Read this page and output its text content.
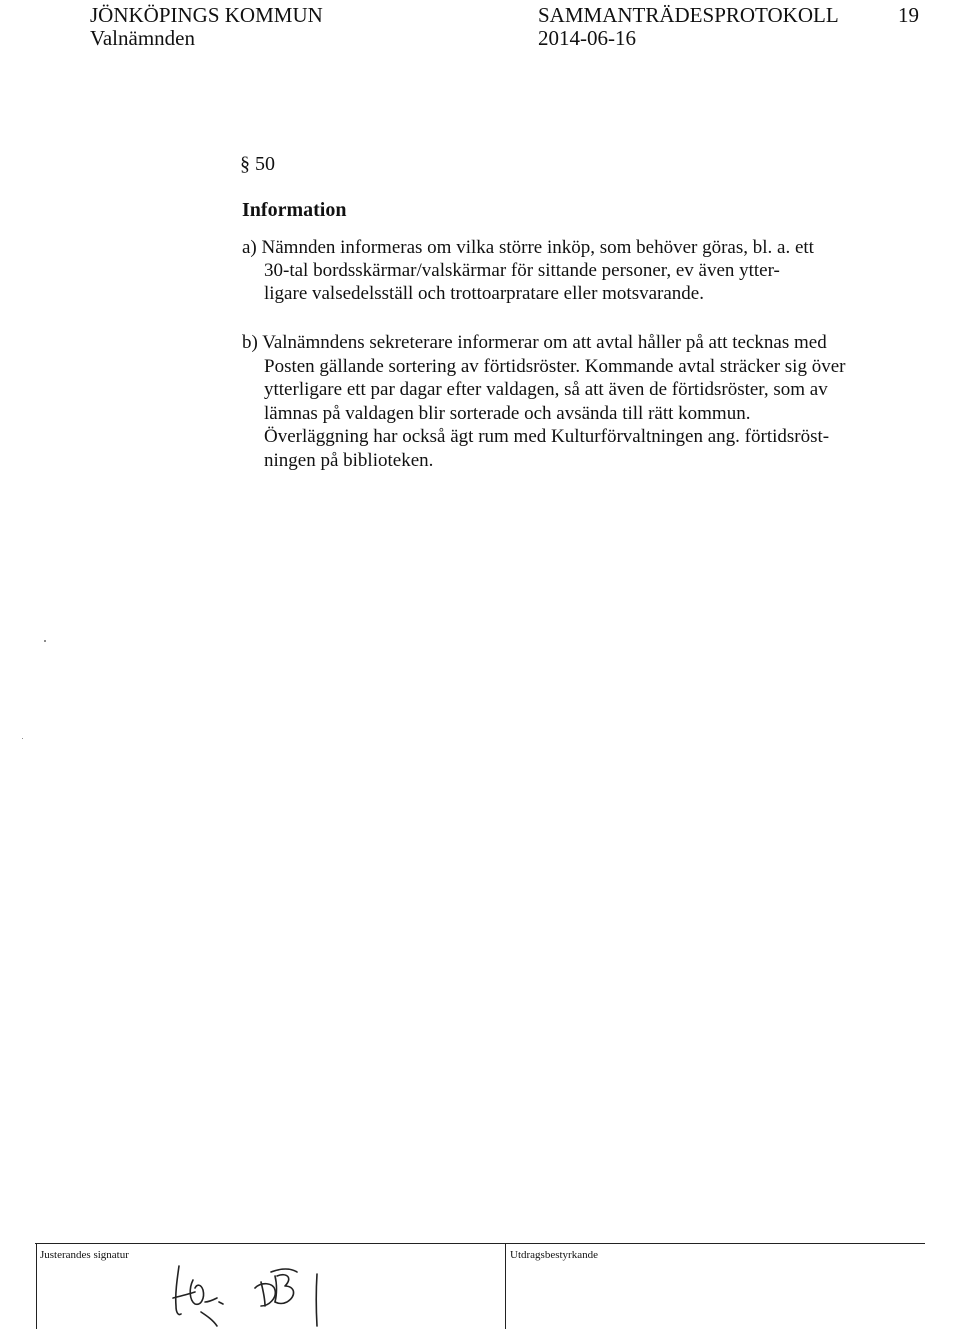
JÖNKÖPINGS KOMMUN
Valnämnden
SAMMANTRÄDESPROTOKOLL
2014-06-16
19
§ 50
Information
a) Nämnden informeras om vilka större inköp, som behöver göras, bl. a. ett
30-tal bordsskärmar/valskärmar för sittande personer, ev även ytter-
ligare valsedelsställ och trottoarpratare eller motsvarande.
b) Valnämndens sekreterare informerar om att avtal håller på att tecknas med
Posten gällande sortering av förtidsröster. Kommande avtal sträcker sig över
ytterligare ett par dagar efter valdagen, så att även de förtidsröster, som av
lämnas på valdagen blir sorterade och avsända till rätt kommun.
Överläggning har också ägt rum med Kulturförvaltningen ang. förtidsröst-
ningen på biblioteken.
Justerandes signatur	Utdragsbestyrkande
